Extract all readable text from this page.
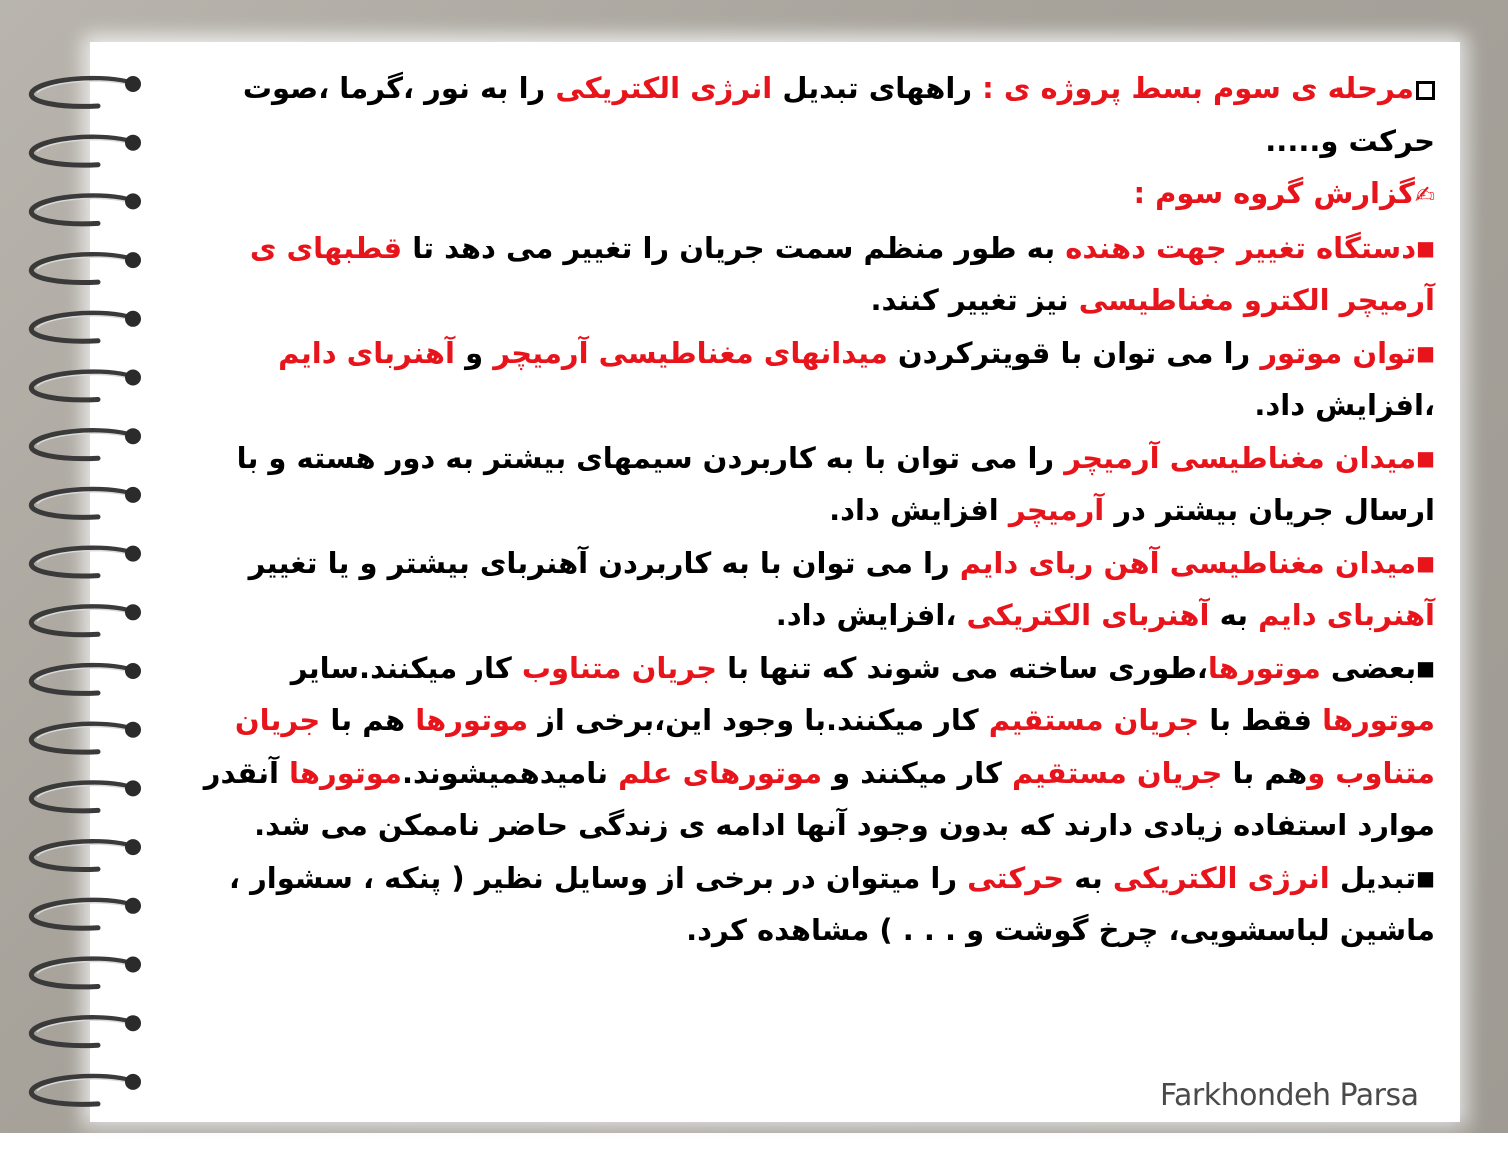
مرحله ی سوم بسط پروژه ی : راههای تبدیل انرژی الکتریکی را به نور ،گرما ،صوت

حرکت و.....

✍گزارش گروه سوم :

■دستگاه تغییر جهت دهنده به طور منظم سمت جریان را تغییر می دهد تا قطبهای ی

آرمیچر الکترو مغناطیسی نیز تغییر کنند.

■توان موتور را می توان با قویترکردن میدانهای مغناطیسی آرمیچر و آهنربای دایم

،افزایش داد.

■میدان مغناطیسی آرمیچر را می توان با به کاربردن سیمهای بیشتر به دور هسته و با

ارسال جریان بیشتر در آرمیچر افزایش داد.

■میدان مغناطیسی آهن ربای دایم را می توان با به کاربردن آهنربای بیشتر و یا تغییر

آهنربای دایم به آهنربای الکتریکی ،افزایش داد.

■بعضی موتورها،طوری ساخته می شوند که تنها با جریان متناوب کار میکنند.سایر

موتورها فقط با جریان مستقیم کار میکنند.با وجود این،برخی از موتورها هم با جریان

متناوب وهم با جریان مستقیم کار میکنند و موتورهای علم نامیدهمیشوند.موتورها آنقدر

موارد استفاده زیادی دارند که بدون وجود آنها ادامه ی زندگی حاضر ناممکن می شد.

■تبدیل انرژی الکتریکی به حرکتی را میتوان در برخی از وسایل نظیر ( پنکه ، سشوار ،

ماشین لباسشویی، چرخ گوشت و . . . ) مشاهده کرد.

Farkhondeh Parsa
